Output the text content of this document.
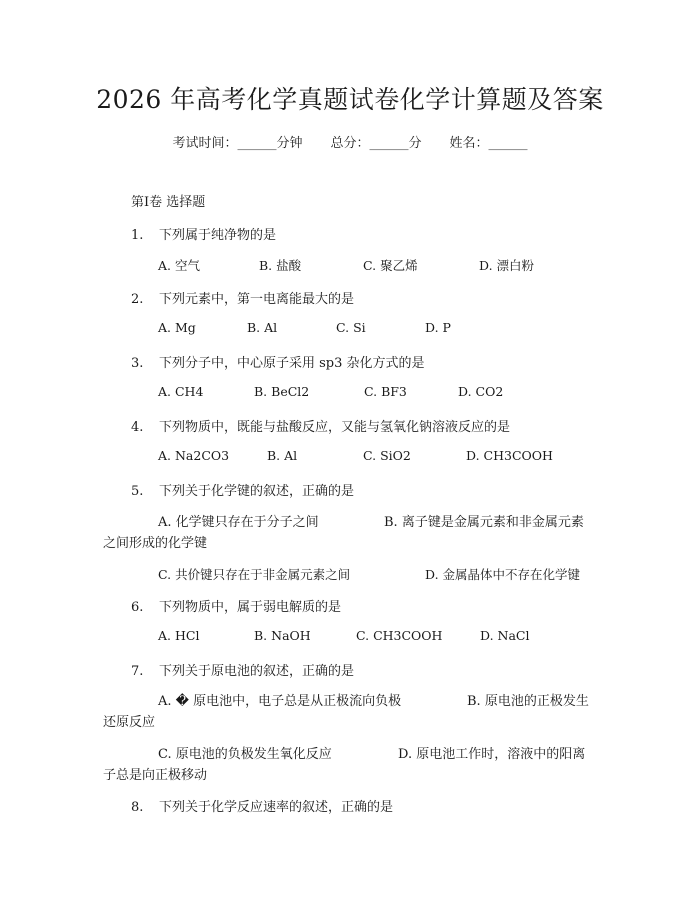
2026 年高考化学真题试卷化学计算题及答案
考试时间：______分钟 总分：______分 姓名：______
第Ⅰ卷 选择题
1. 下列属于纯净物的是
A. 空气	B. 盐酸	C. 聚乙烯	D. 漂白粉
2. 下列元素中，第一电离能最大的是
A. Mg	B. Al	C. Si	D. P
3. 下列分子中，中心原子采用 sp3 杂化方式的是
A. CH4	B. BeCl2	C. BF3	D. CO2
4. 下列物质中，既能与盐酸反应，又能与氢氧化钠溶液反应的是
A. Na2CO3	B. Al	C. SiO2	D. CH3COOH
5. 下列关于化学键的叙述，正确的是
A. 化学键只存在于分子之间	B. 离子键是金属元素和非金属元素
之间形成的化学键
C. 共价键只存在于非金属元素之间	D. 金属晶体中不存在化学键
6. 下列物质中，属于弱电解质的是
A. HCl	B. NaOH	C. CH3COOH	D. NaCl
7. 下列关于原电池的叙述，正确的是
A. � 原电池中，电子总是从正极流向负极	B. 原电池的正极发生
还原反应
C. 原电池的负极发生氧化反应	D. 原电池工作时，溶液中的阳离
子总是向正极移动
8. 下列关于化学反应速率的叙述，正确的是
